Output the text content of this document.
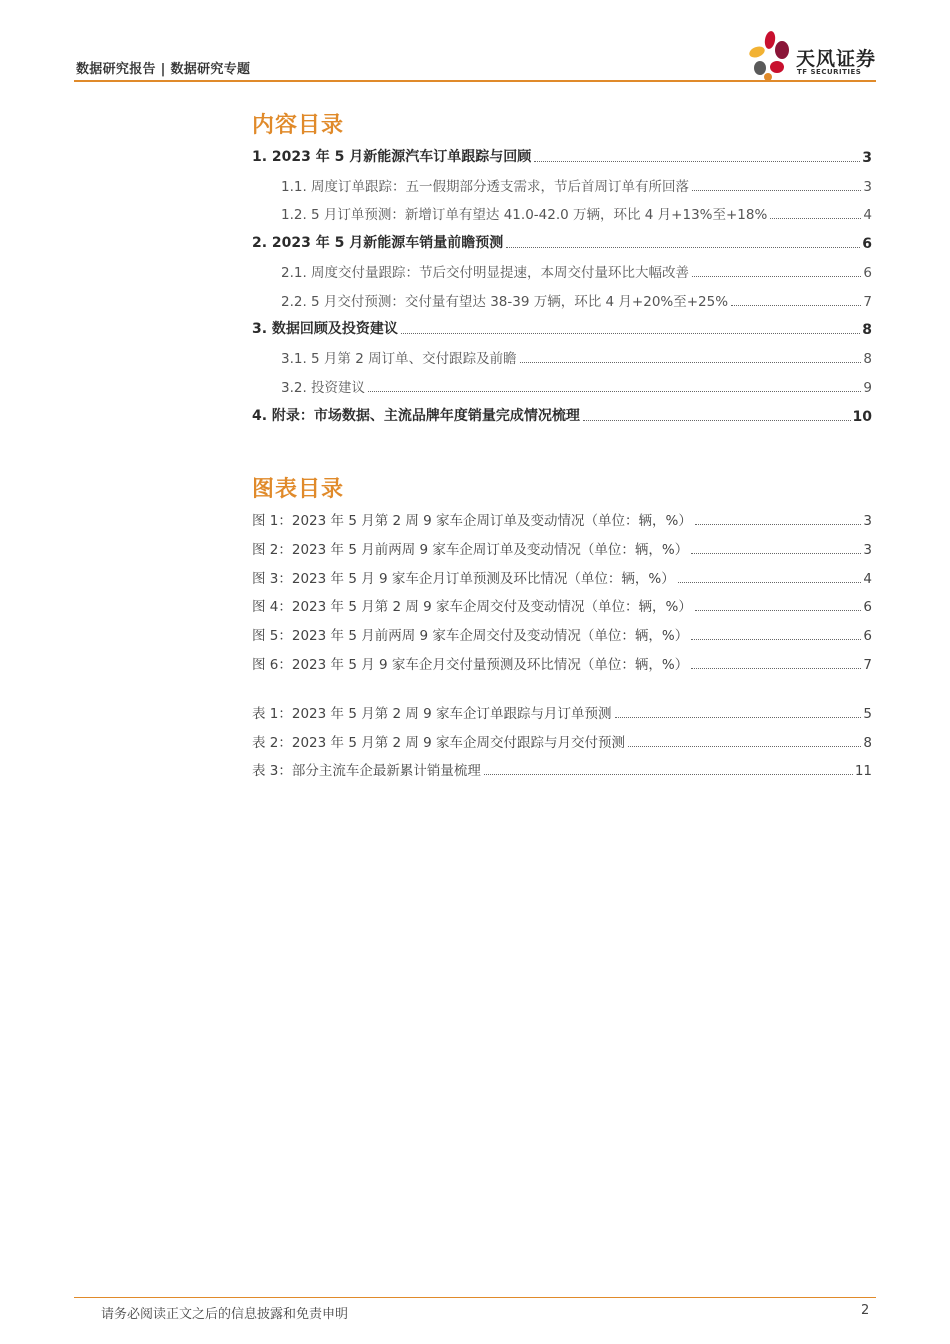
数据研究报告 | 数据研究专题	天风证券
TF SECURITIES
内容目录
1. 2023 年 5 月新能源汽车订单跟踪与回顾	3
1.1. 周度订单跟踪：五一假期部分透支需求，节后首周订单有所回落	3
1.2. 5 月订单预测：新增订单有望达 41.0-42.0 万辆，环比 4 月+13%至+18%	4
2. 2023 年 5 月新能源车销量前瞻预测	6
2.1. 周度交付量跟踪：节后交付明显提速，本周交付量环比大幅改善	6
2.2. 5 月交付预测：交付量有望达 38-39 万辆，环比 4 月+20%至+25%	7
3. 数据回顾及投资建议	8
3.1. 5 月第 2 周订单、交付跟踪及前瞻	8
3.2. 投资建议	9
4. 附录：市场数据、主流品牌年度销量完成情况梳理	10
图表目录
图 1：2023 年 5 月第 2 周 9 家车企周订单及变动情况（单位：辆，%）	3
图 2：2023 年 5 月前两周 9 家车企周订单及变动情况（单位：辆，%）	3
图 3：2023 年 5 月 9 家车企月订单预测及环比情况（单位：辆，%）	4
图 4：2023 年 5 月第 2 周 9 家车企周交付及变动情况（单位：辆，%）	6
图 5：2023 年 5 月前两周 9 家车企周交付及变动情况（单位：辆，%）	6
图 6：2023 年 5 月 9 家车企月交付量预测及环比情况（单位：辆，%）	7
表 1：2023 年 5 月第 2 周 9 家车企订单跟踪与月订单预测	5
表 2：2023 年 5 月第 2 周 9 家车企周交付跟踪与月交付预测	8
表 3：部分主流车企最新累计销量梳理	11
请务必阅读正文之后的信息披露和免责申明	2
